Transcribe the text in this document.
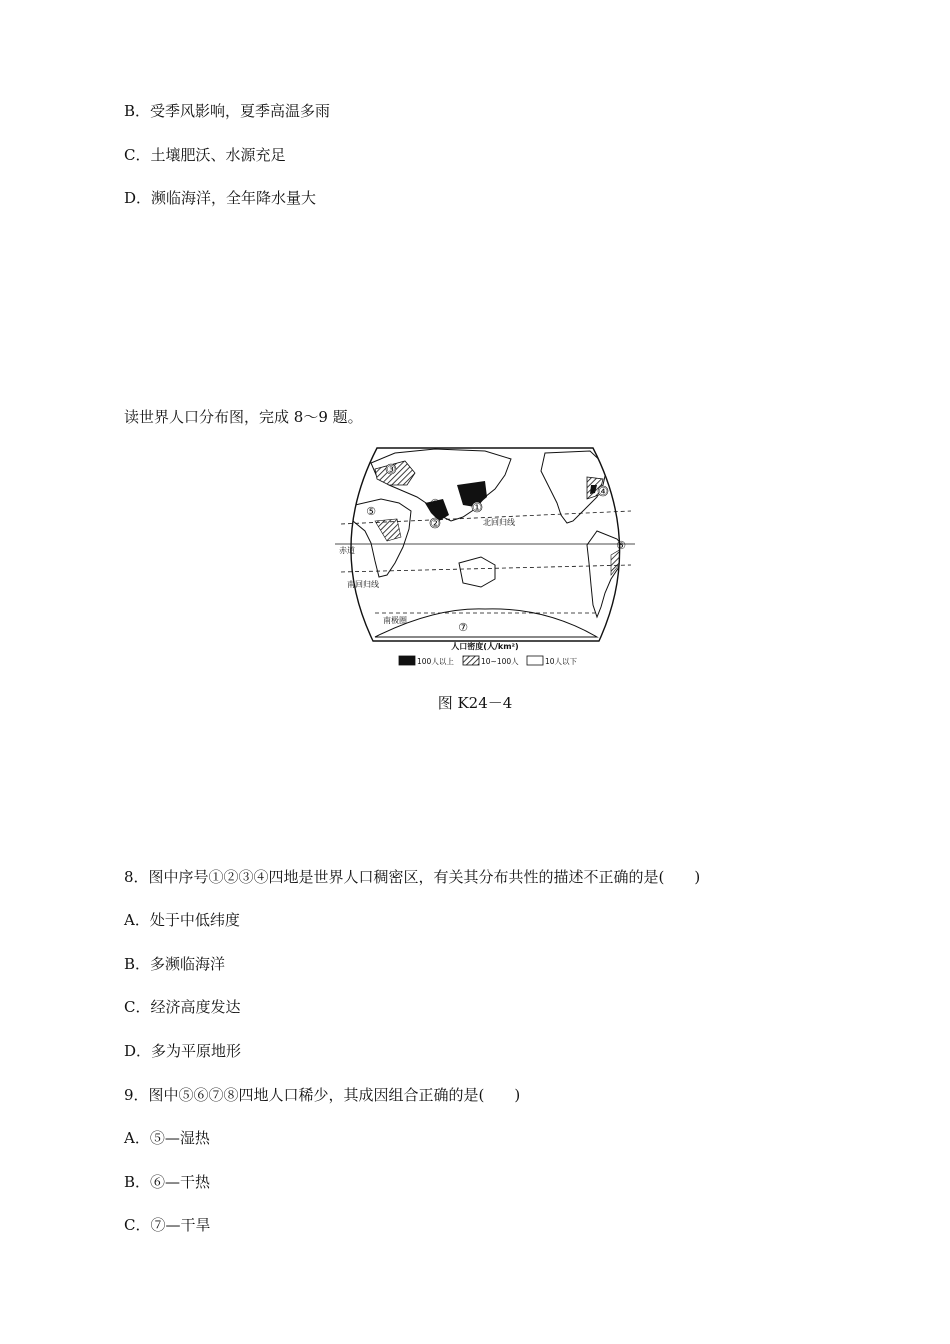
B．受季风影响，夏季高温多雨
C．土壤肥沃、水源充足
D．濒临海洋，全年降水量大
读世界人口分布图，完成 8～9 题。
北回归线
赤道
南回归线
南极圈
①
②
③
④
⑤
⑥
⑦
⑧
人口密度(人/km²)
100人以上	10~100人	10人以下
图 K24－4
8．图中序号①②③④四地是世界人口稠密区，有关其分布共性的描述不正确的是(　　)
A．处于中低纬度
B．多濒临海洋
C．经济高度发达
D．多为平原地形
9．图中⑤⑥⑦⑧四地人口稀少，其成因组合正确的是(　　)
A．⑤—湿热
B．⑥—干热
C．⑦—干旱
